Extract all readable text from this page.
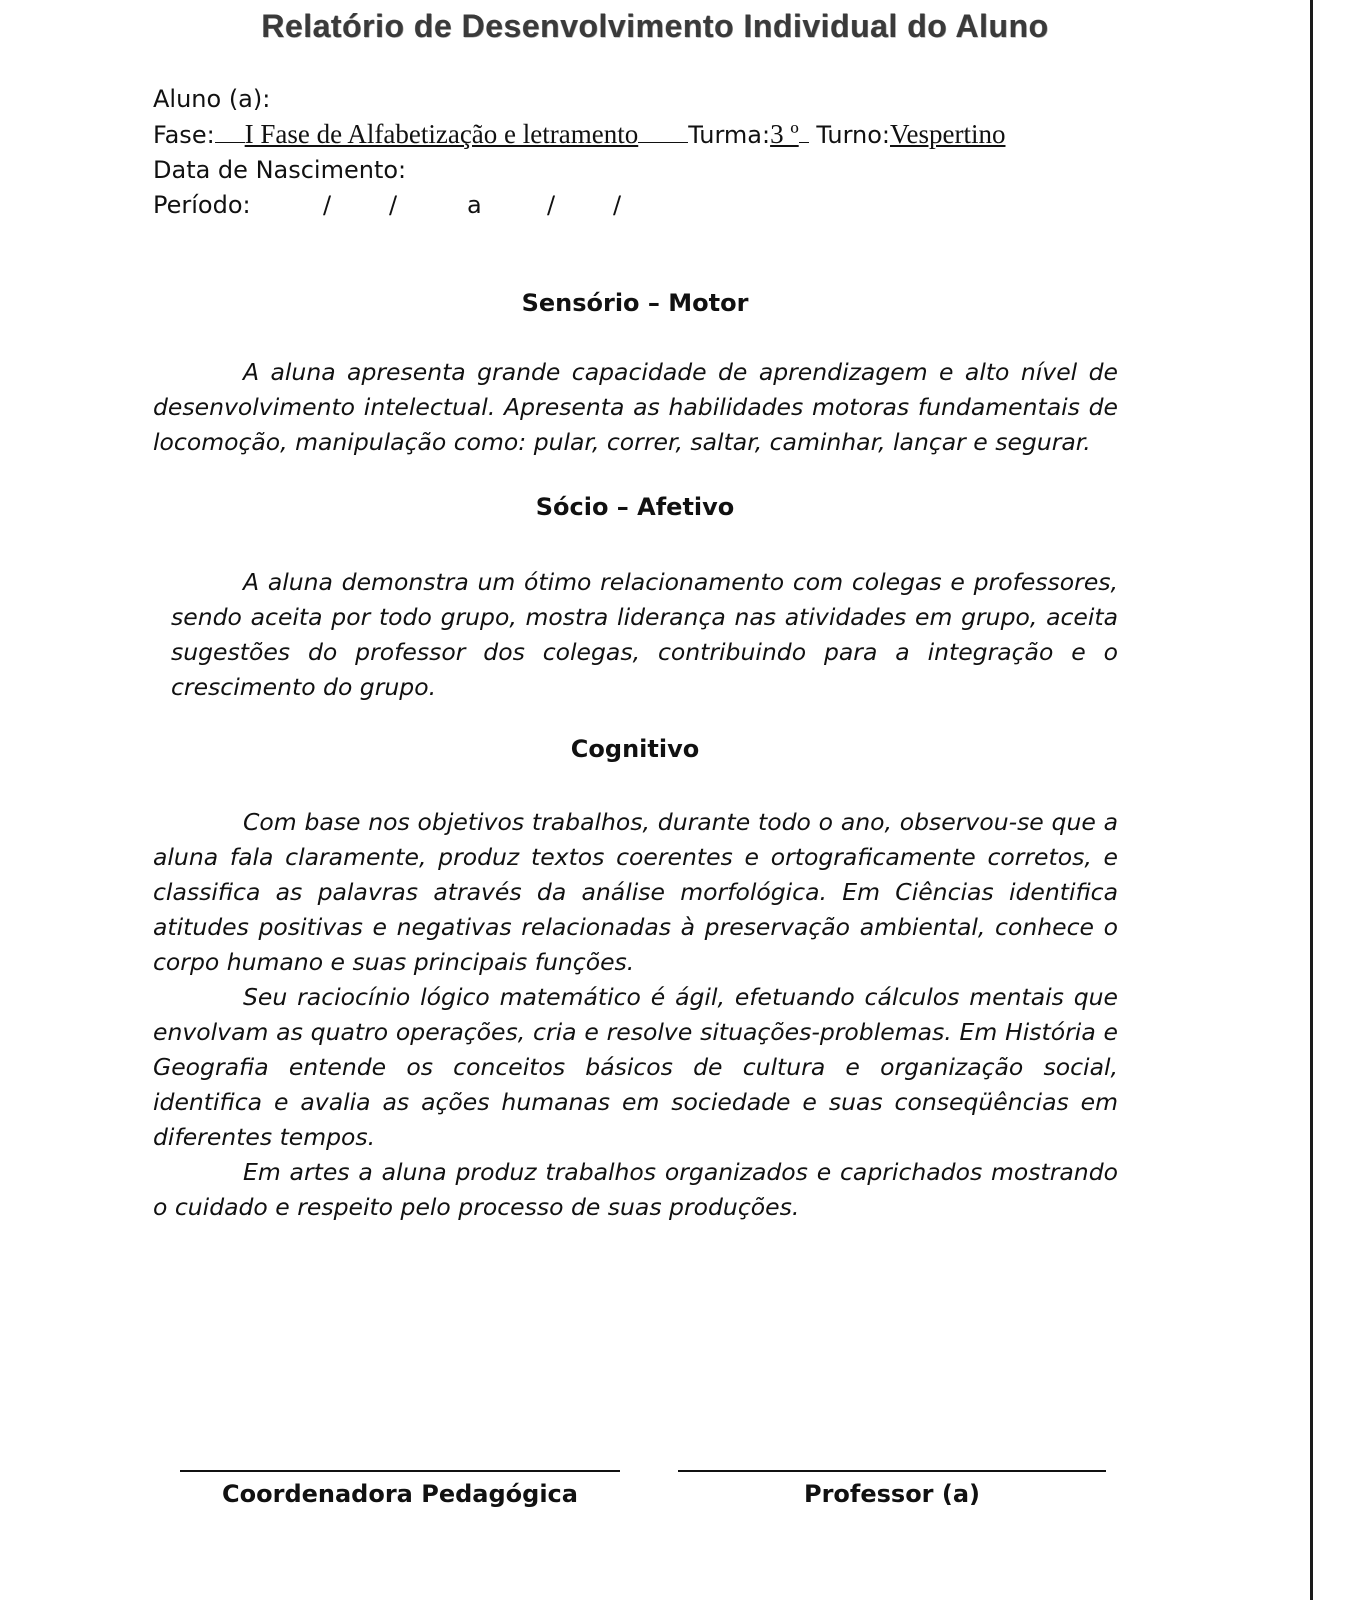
Relatório de Desenvolvimento Individual do Aluno
Aluno (a):
Fase: I Fase de Alfabetização e letramento Turma:3 º Turno:Vespertino
Data de Nascimento:
Período:	/ /	a	/ /
Sensório – Motor

A aluna apresenta grande capacidade de aprendizagem e alto nível de desenvolvimento intelectual. Apresenta as habilidades motoras fundamentais de locomoção, manipulação como: pular, correr, saltar, caminhar, lançar e segurar.

Sócio – Afetivo

A aluna demonstra um ótimo relacionamento com colegas e professores, sendo aceita por todo grupo, mostra liderança nas atividades em grupo, aceita sugestões do professor dos colegas, contribuindo para a integração e o crescimento do grupo.

Cognitivo

Com base nos objetivos trabalhos, durante todo o ano, observou-se que a aluna fala claramente, produz textos coerentes e ortograficamente corretos, e classifica as palavras através da análise morfológica. Em Ciências identifica atitudes positivas e negativas relacionadas à preservação ambiental, conhece o corpo humano e suas principais funções.

Seu raciocínio lógico matemático é ágil, efetuando cálculos mentais que envolvam as quatro operações, cria e resolve situações-problemas. Em História e Geografia entende os conceitos básicos de cultura e organização social, identifica e avalia as ações humanas em sociedade e suas conseqüências em diferentes tempos.

Em artes a aluna produz trabalhos organizados e caprichados mostrando o cuidado e respeito pelo processo de suas produções.

Coordenadora Pedagógica	Professor (a)
